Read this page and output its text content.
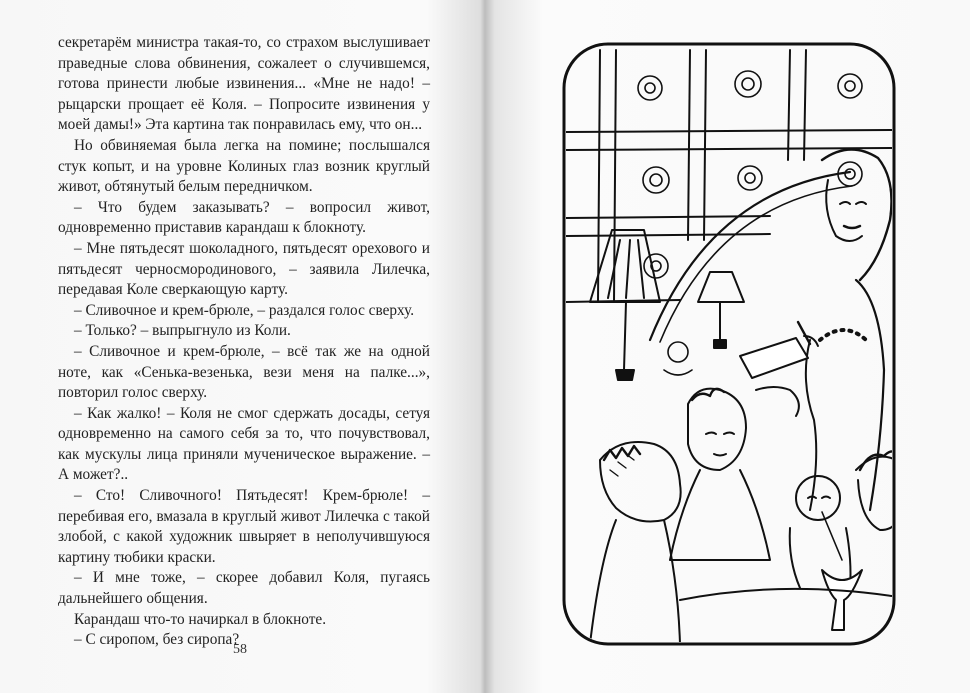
секретарём министра такая-то, со страхом выслушивает праведные слова обвинения, сожалеет о случившемся, готова принести любые извинения... «Мне не надо! – рыцарски прощает её Коля. – Попросите извинения у моей дамы!» Эта картина так понравилась ему, что он...

Но обвиняемая была легка на помине; послышался стук копыт, и на уровне Колиных глаз возник круглый живот, обтянутый белым передничком.

– Что будем заказывать? – вопросил живот, одновременно приставив карандаш к блокноту.

– Мне пятьдесят шоколадного, пятьдесят орехового и пятьдесят черносмородинового, – заявила Лилечка, передавая Коле сверкающую карту.

– Сливочное и крем-брюле, – раздался голос сверху.

– Только? – выпрыгнуло из Коли.

– Сливочное и крем-брюле, – всё так же на одной ноте, как «Сенька-везенька, вези меня на палке...», повторил голос сверху.

– Как жалко! – Коля не смог сдержать досады, сетуя одновременно на самого себя за то, что почувствовал, как мускулы лица приняли мученическое выражение. – А может?..

– Сто! Сливочного! Пятьдесят! Крем-брюле! – перебивая его, вмазала в круглый живот Лилечка с такой злобой, с какой художник швыряет в неполучившуюся картину тюбики краски.

– И мне тоже, – скорее добавил Коля, пугаясь дальнейшего общения.

Карандаш что-то начиркал в блокноте.

– С сиропом, без сиропа?

58
